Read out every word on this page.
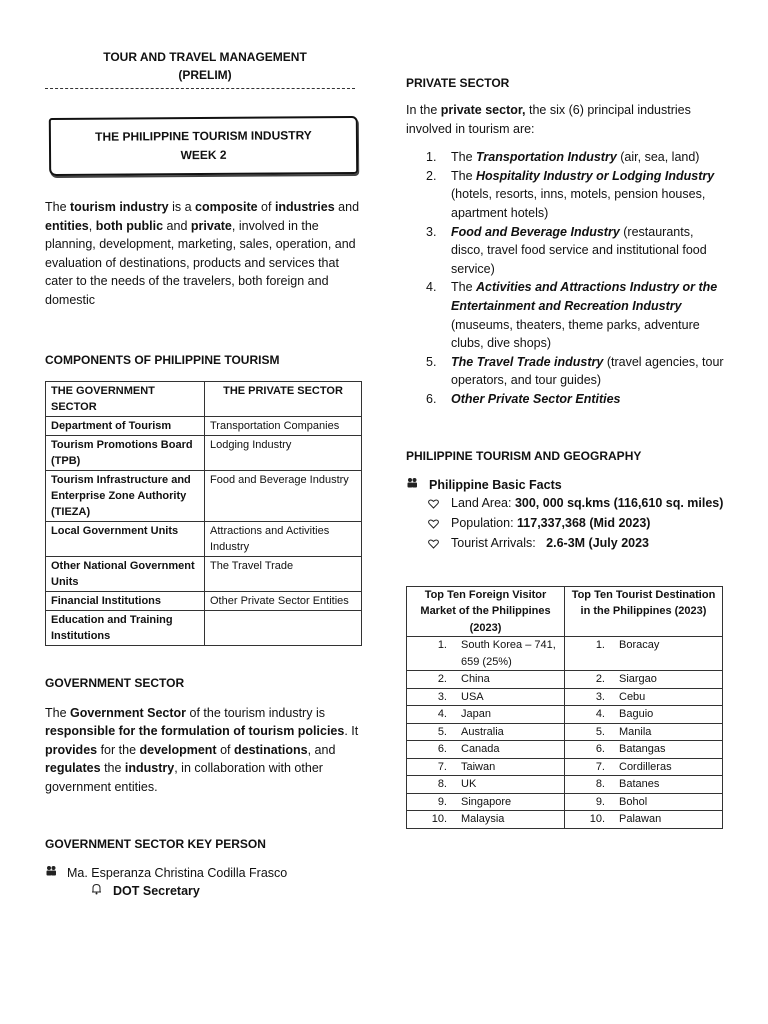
TOUR AND TRAVEL MANAGEMENT
(PRELIM)
THE PHILIPPINE TOURISM INDUSTRY
WEEK 2
The tourism industry is a composite of industries and entities, both public and private, involved in the planning, development, marketing, sales, operation, and evaluation of destinations, products and services that cater to the needs of the travelers, both foreign and domestic
COMPONENTS OF PHILIPPINE TOURISM
THE GOVERNMENT SECTOR	THE PRIVATE SECTOR
Department of Tourism	Transportation Companies
Tourism Promotions Board (TPB)	Lodging Industry
Tourism Infrastructure and Enterprise Zone Authority (TIEZA)	Food and Beverage Industry
Local Government Units	Attractions and Activities Industry
Other National Government Units	The Travel Trade
Financial Institutions	Other Private Sector Entities
Education and Training Institutions	
GOVERNMENT SECTOR
The Government Sector of the tourism industry is responsible for the formulation of tourism policies. It provides for the development of destinations, and regulates the industry, in collaboration with other government entities.
GOVERNMENT SECTOR KEY PERSON
Ma. Esperanza Christina Codilla Frasco
DOT Secretary
PRIVATE SECTOR
In the private sector, the six (6) principal industries involved in tourism are:
1.	The Transportation Industry (air, sea, land)
2.	The Hospitality Industry or Lodging Industry (hotels, resorts, inns, motels, pension houses, apartment hotels)
3.	Food and Beverage Industry (restaurants, disco, travel food service and institutional food service)
4.	The Activities and Attractions Industry or the Entertainment and Recreation Industry (museums, theaters, theme parks, adventure clubs, dive shops)
5.	The Travel Trade industry (travel agencies, tour operators, and tour guides)
6.	Other Private Sector Entities
PHILIPPINE TOURISM AND GEOGRAPHY
Philippine Basic Facts
Land Area: 300, 000 sq.kms (116,610 sq. miles)
Population: 117,337,368 (Mid 2023)
Tourist Arrivals: 2.6-3M (July 2023
Top Ten Foreign Visitor Market of the Philippines (2023)	Top Ten Tourist Destination in the Philippines (2023)

1. South Korea – 741, 659 (25%)	1. Boracay

2. China	2. Siargao

3. USA	3. Cebu

4. Japan	4. Baguio

5. Australia	5. Manila

6. Canada	6. Batangas

7. Taiwan	7. Cordilleras

8. UK	8. Batanes

9. Singapore	9. Bohol

10. Malaysia	10. Palawan
